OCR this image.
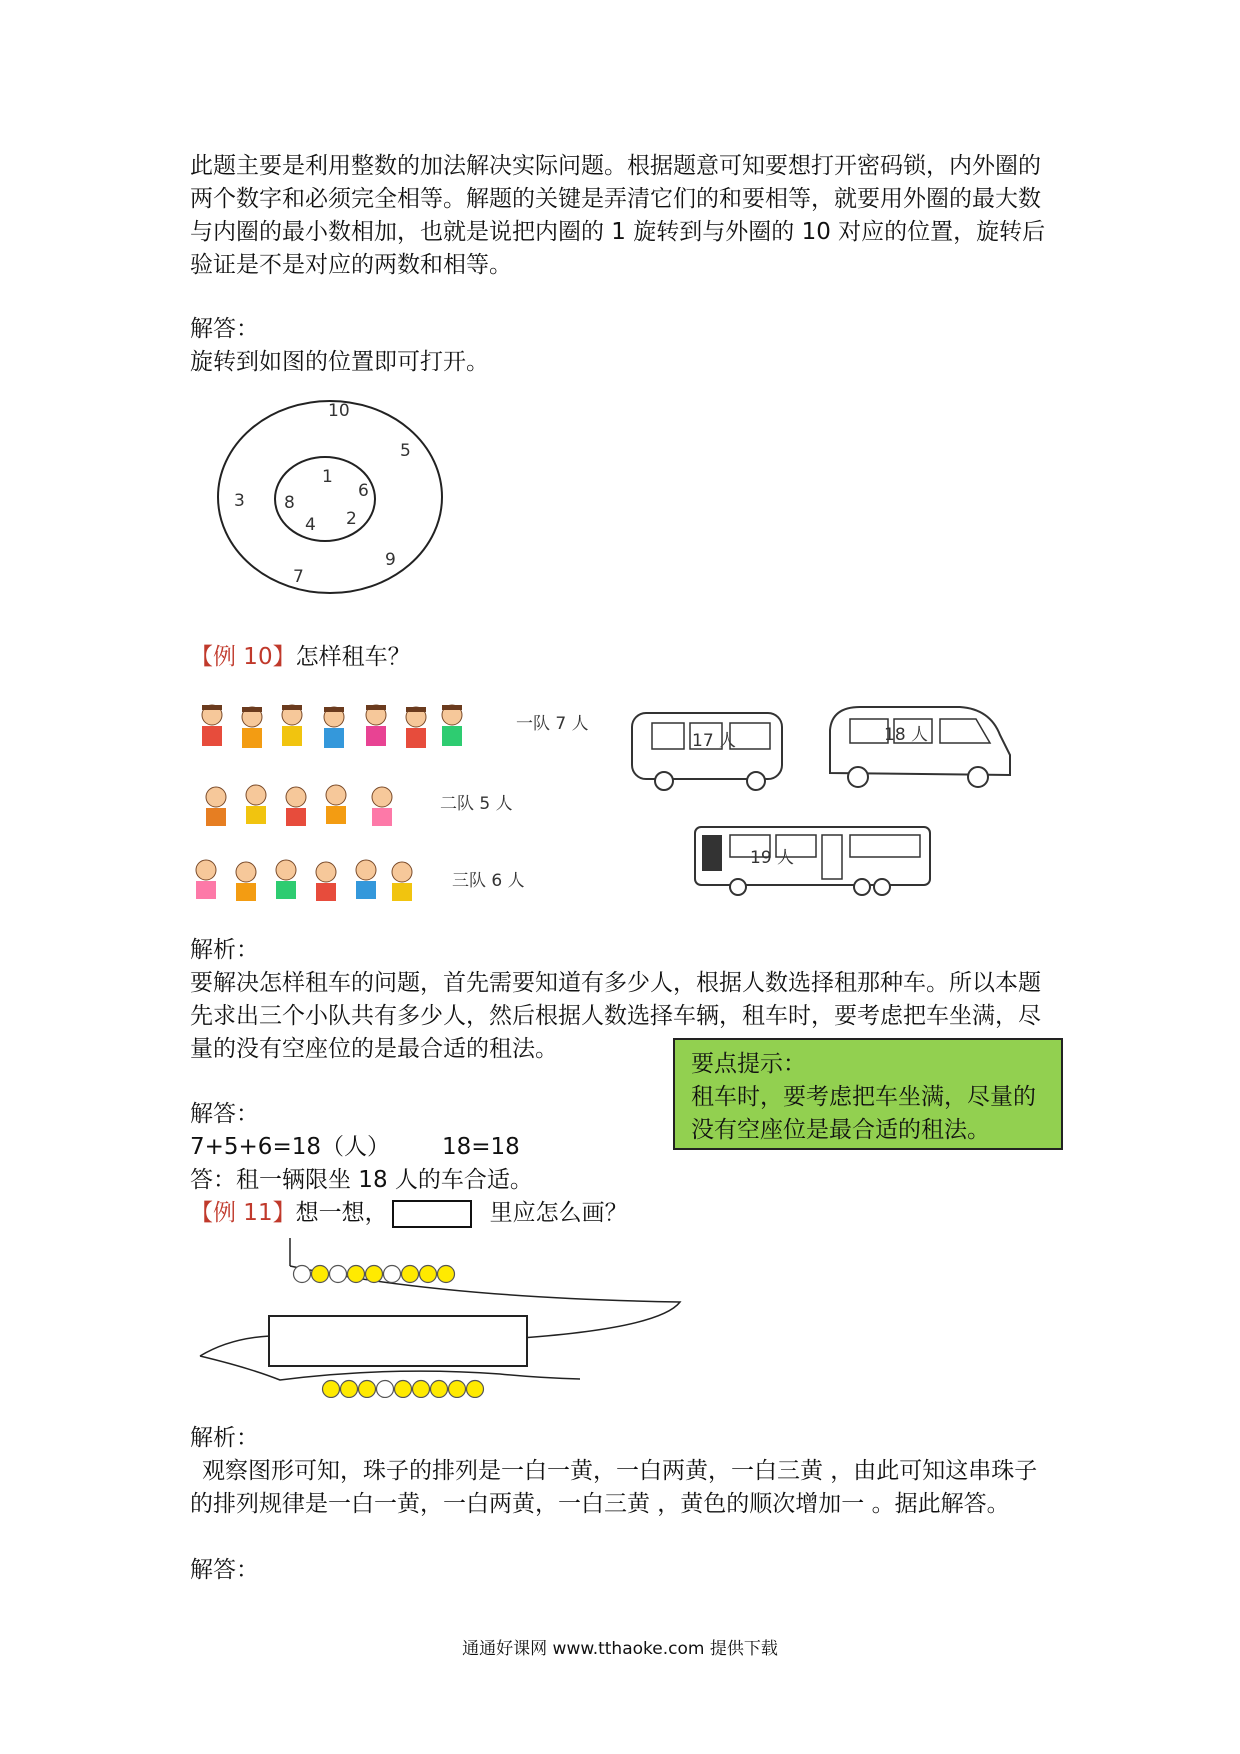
此题主要是利用整数的加法解决实际问题。根据题意可知要想打开密码锁，内外圈的两个数字和必须完全相等。解题的关键是弄清它们的和要相等，就要用外圈的最大数与内圈的最小数相加，也就是说把内圈的 1 旋转到与外圈的 10 对应的位置，旋转后验证是不是对应的两数和相等。

解答：

旋转到如图的位置即可打开。

10
5
9
7
3
1
6
2
4
8

【例 10】怎样租车？

一队 7 人
二队 5 人
三队 6 人
17 人	18 人
19 人

解析：

要解决怎样租车的问题，首先需要知道有多少人，根据人数选择租那种车。所以本题先求出三个小队共有多少人，然后根据人数选择车辆，租车时，要考虑把车坐满，尽量的没有空座位的是最合适的租法。

要点提示：
租车时，要考虑把车坐满，尽量的没有空座位是最合适的租法。

解答：

7+5+6=18（人） 18=18

答：租一辆限坐 18 人的车合适。

【例 11】想一想，	里应怎么画？

解析：

观察图形可知，珠子的排列是一白一黄，一白两黄，一白三黄 ，由此可知这串珠子的排列规律是一白一黄，一白两黄，一白三黄 ，黄色的顺次增加一 。据此解答。

解答：

通通好课网 www.tthaoke.com 提供下载
